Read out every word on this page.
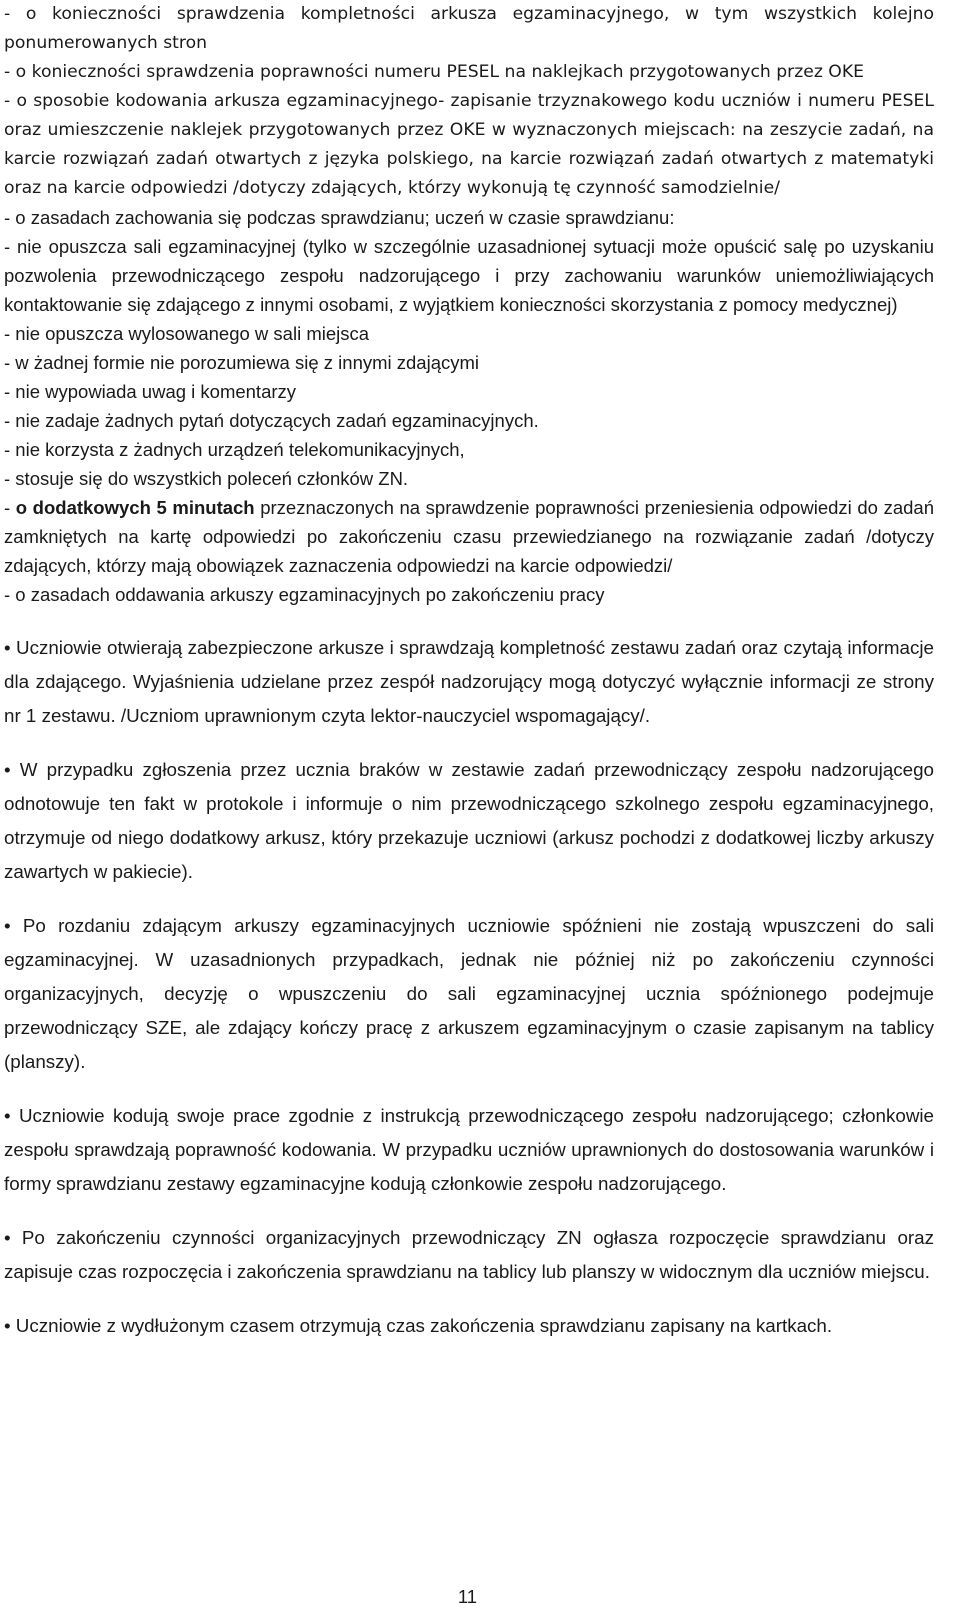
- o konieczności sprawdzenia kompletności arkusza egzaminacyjnego, w tym wszystkich kolejno ponumerowanych stron

- o konieczności sprawdzenia poprawności numeru PESEL na naklejkach przygotowanych przez OKE

- o sposobie kodowania arkusza egzaminacyjnego- zapisanie trzyznakowego kodu uczniów i numeru PESEL oraz umieszczenie naklejek przygotowanych przez OKE w wyznaczonych miejscach: na zeszycie zadań, na karcie rozwiązań zadań otwartych z języka polskiego, na karcie rozwiązań zadań otwartych z matematyki oraz na karcie odpowiedzi /dotyczy zdających, którzy wykonują tę czynność samodzielnie/

- o zasadach zachowania się podczas sprawdzianu; uczeń w czasie sprawdzianu:

- nie opuszcza sali egzaminacyjnej (tylko w szczególnie uzasadnionej sytuacji może opuścić salę po uzyskaniu pozwolenia przewodniczącego zespołu nadzorującego i przy zachowaniu warunków uniemożliwiających kontaktowanie się zdającego z innymi osobami, z wyjątkiem konieczności skorzystania z pomocy medycznej)

- nie opuszcza wylosowanego w sali miejsca

- w żadnej formie nie porozumiewa się z innymi zdającymi

- nie wypowiada uwag i komentarzy

- nie zadaje żadnych pytań dotyczących zadań egzaminacyjnych.

- nie korzysta z żadnych urządzeń telekomunikacyjnych,

- stosuje się do wszystkich poleceń członków ZN.

- o dodatkowych 5 minutach przeznaczonych na sprawdzenie poprawności przeniesienia odpowiedzi do zadań zamkniętych na kartę odpowiedzi po zakończeniu czasu przewiedzianego na rozwiązanie zadań /dotyczy zdających, którzy mają obowiązek zaznaczenia odpowiedzi na karcie odpowiedzi/

- o zasadach oddawania arkuszy egzaminacyjnych po zakończeniu pracy

• Uczniowie otwierają zabezpieczone arkusze i sprawdzają kompletność zestawu zadań oraz czytają informacje dla zdającego. Wyjaśnienia udzielane przez zespół nadzorujący mogą dotyczyć wyłącznie informacji ze strony nr 1 zestawu. /Uczniom uprawnionym czyta lektor-nauczyciel wspomagający/.

• W przypadku zgłoszenia przez ucznia braków w zestawie zadań przewodniczący zespołu nadzorującego odnotowuje ten fakt w protokole i informuje o nim przewodniczącego szkolnego zespołu egzaminacyjnego, otrzymuje od niego dodatkowy arkusz, który przekazuje uczniowi (arkusz pochodzi z dodatkowej liczby arkuszy zawartych w pakiecie).

• Po rozdaniu zdającym arkuszy egzaminacyjnych uczniowie spóźnieni nie zostają wpuszczeni do sali egzaminacyjnej. W uzasadnionych przypadkach, jednak nie później niż po zakończeniu czynności organizacyjnych, decyzję o wpuszczeniu do sali egzaminacyjnej ucznia spóźnionego podejmuje przewodniczący SZE, ale zdający kończy pracę z arkuszem egzaminacyjnym o czasie zapisanym na tablicy (planszy).

• Uczniowie kodują swoje prace zgodnie z instrukcją przewodniczącego zespołu nadzorującego; członkowie zespołu sprawdzają poprawność kodowania. W przypadku uczniów uprawnionych do dostosowania warunków i formy sprawdzianu zestawy egzaminacyjne kodują członkowie zespołu nadzorującego.

• Po zakończeniu czynności organizacyjnych przewodniczący ZN ogłasza rozpoczęcie sprawdzianu oraz zapisuje czas rozpoczęcia i zakończenia sprawdzianu na tablicy lub planszy w widocznym dla uczniów miejscu.

• Uczniowie z wydłużonym czasem otrzymują czas zakończenia sprawdzianu zapisany na kartkach.

11
